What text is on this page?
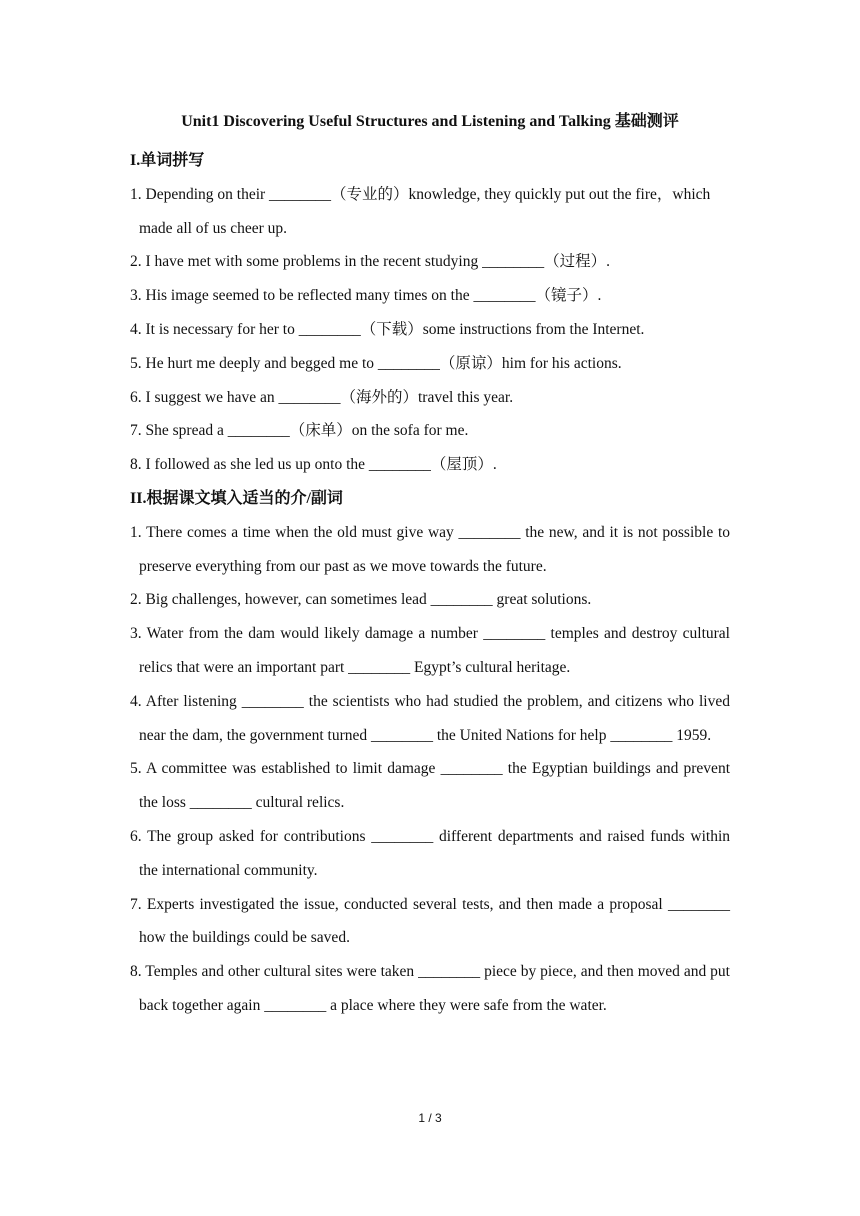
Unit1 Discovering Useful Structures and Listening and Talking 基础测评
I.单词拼写
1. Depending on their ________（专业的）knowledge, they quickly put out the fire，which made all of us cheer up.
2. I have met with some problems in the recent studying ________（过程）.
3. His image seemed to be reflected many times on the ________（镜子）.
4. It is necessary for her to ________（下载）some instructions from the Internet.
5. He hurt me deeply and begged me to ________（原谅）him for his actions.
6. I suggest we have an ________（海外的）travel this year.
7. She spread a ________（床单）on the sofa for me.
8. I followed as she led us up onto the ________（屋顶）.
II.根据课文填入适当的介/副词
1. There comes a time when the old must give way ________ the new, and it is not possible to preserve everything from our past as we move towards the future.
2. Big challenges, however, can sometimes lead ________ great solutions.
3. Water from the dam would likely damage a number ________ temples and destroy cultural relics that were an important part ________ Egypt’s cultural heritage.
4. After listening ________ the scientists who had studied the problem, and citizens who lived near the dam, the government turned ________ the United Nations for help ________ 1959.
5. A committee was established to limit damage ________ the Egyptian buildings and prevent the loss ________ cultural relics.
6. The group asked for contributions ________ different departments and raised funds within the international community.
7. Experts investigated the issue, conducted several tests, and then made a proposal ________ how the buildings could be saved.
8. Temples and other cultural sites were taken ________ piece by piece, and then moved and put back together again ________ a place where they were safe from the water.
1 / 3
